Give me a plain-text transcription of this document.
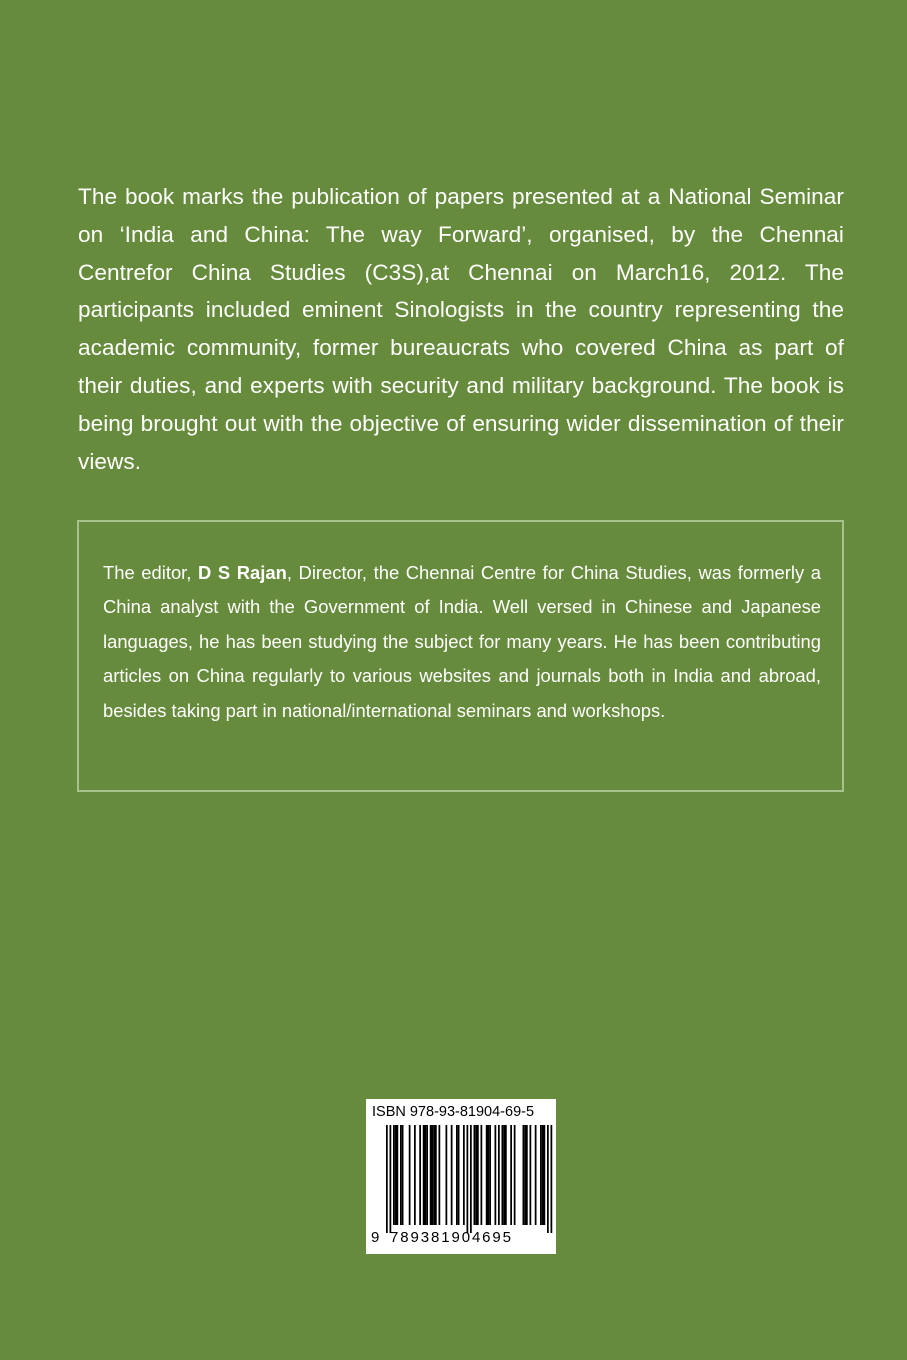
The book marks the publication of papers presented at a National Seminar on ‘India and China: The way Forward’, organised, by the Chennai Centrefor China Studies (C3S),at Chennai on March16, 2012. The participants included eminent Sinologists in the country representing the academic community, former bureaucrats who covered China as part of their duties, and experts with security and military background. The book is being brought out with the objective of ensuring wider dissemination of their views.

The editor, D S Rajan, Director, the Chennai Centre for China Studies, was formerly a China analyst with the Government of India. Well versed in Chinese and Japanese languages, he has been studying the subject for many years. He has been contributing articles on China regularly to various websites and journals both in India and abroad, besides taking part in national/international seminars and workshops.

ISBN 978-93-81904-69-5

9 789381904695
